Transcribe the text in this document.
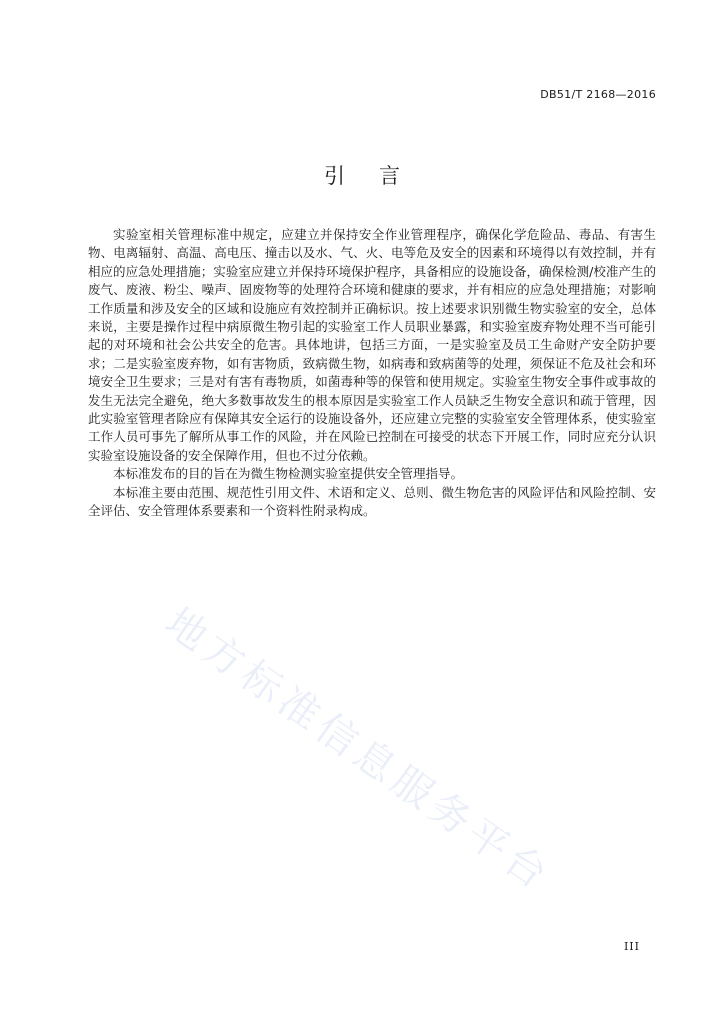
地方标准信息服务平台
DB51/T 2168—2016
引言

实验室相关管理标准中规定，应建立并保持安全作业管理程序，确保化学危险品、毒品、有害生物、电离辐射、高温、高电压、撞击以及水、气、火、电等危及安全的因素和环境得以有效控制，并有相应的应急处理措施；实验室应建立并保持环境保护程序，具备相应的设施设备，确保检测/校准产生的废气、废液、粉尘、噪声、固废物等的处理符合环境和健康的要求，并有相应的应急处理措施；对影响工作质量和涉及安全的区域和设施应有效控制并正确标识。按上述要求识别微生物实验室的安全，总体来说，主要是操作过程中病原微生物引起的实验室工作人员职业暴露，和实验室废弃物处理不当可能引起的对环境和社会公共安全的危害。具体地讲，包括三方面，一是实验室及员工生命财产安全防护要求；二是实验室废弃物，如有害物质，致病微生物，如病毒和致病菌等的处理，须保证不危及社会和环境安全卫生要求；三是对有害有毒物质，如菌毒种等的保管和使用规定。实验室生物安全事件或事故的发生无法完全避免，绝大多数事故发生的根本原因是实验室工作人员缺乏生物安全意识和疏于管理，因此实验室管理者除应有保障其安全运行的设施设备外，还应建立完整的实验室安全管理体系，使实验室工作人员可事先了解所从事工作的风险，并在风险已控制在可接受的状态下开展工作，同时应充分认识实验室设施设备的安全保障作用，但也不过分依赖。

本标准发布的目的旨在为微生物检测实验室提供安全管理指导。

本标准主要由范围、规范性引用文件、术语和定义、总则、微生物危害的风险评估和风险控制、安全评估、安全管理体系要素和一个资料性附录构成。

III
